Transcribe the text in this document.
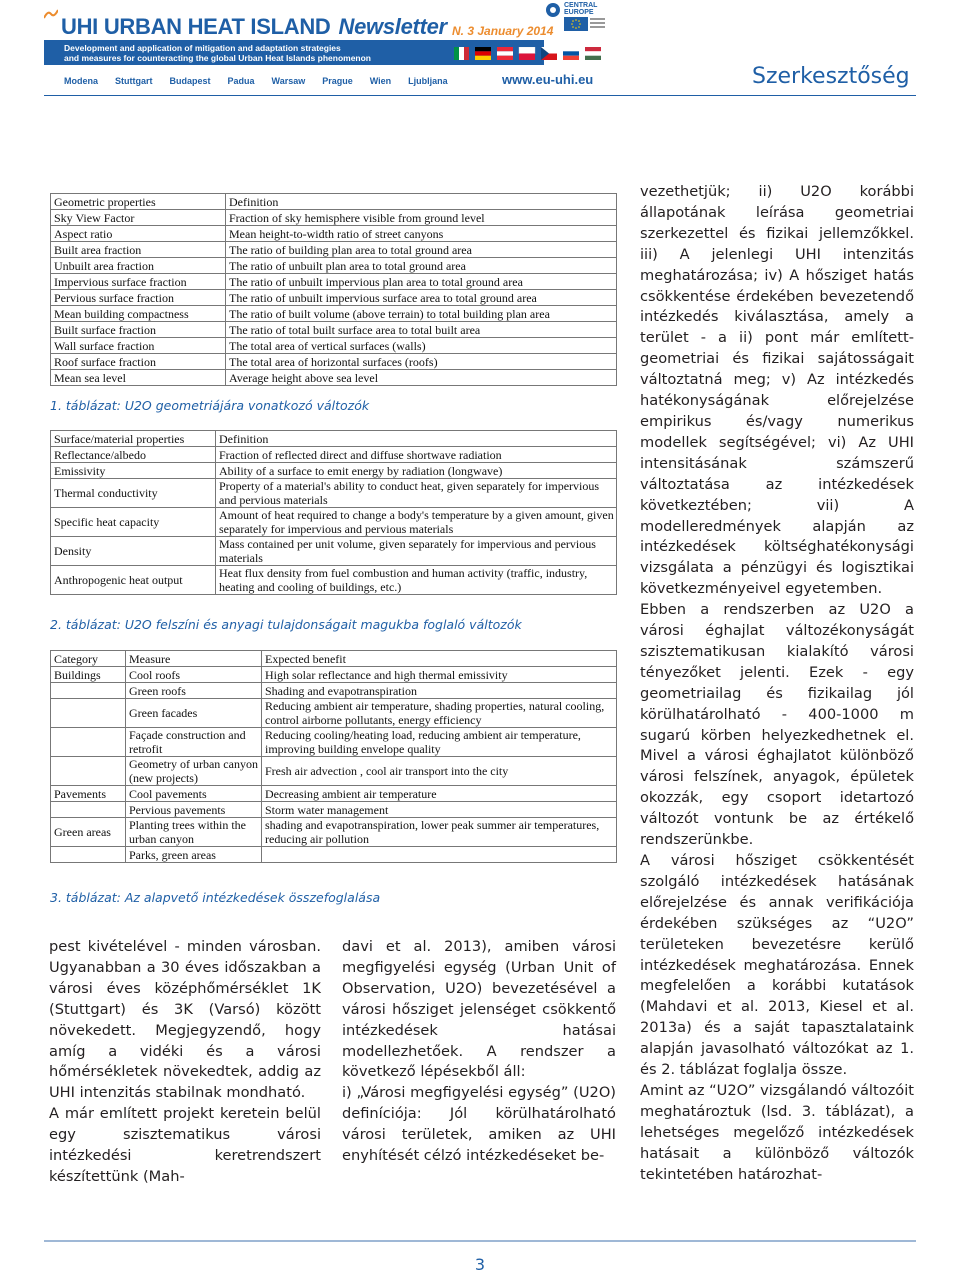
UHI URBAN HEAT ISLAND Newsletter N. 3 January 2014
Development and application of mitigation and adaptation strategies
and measures for counteracting the global Urban Heat Islands phenomenon
CENTRAL
EUROPE
Modena Stuttgart Budapest Padua Warsaw Prague Wien Ljubljana	www.eu-uhi.eu	Szerkesztőség
Geometric properties	Definition
Sky View Factor	Fraction of sky hemisphere visible from ground level
Aspect ratio	Mean height-to-width ratio of street canyons
Built area fraction	The ratio of building plan area to total ground area
Unbuilt area fraction	The ratio of unbuilt plan area to total ground area
Impervious surface fraction	The ratio of unbuilt impervious plan area to total ground area
Pervious surface fraction	The ratio of unbuilt impervious surface area to total ground area
Mean building compactness	The ratio of built volume (above terrain) to total building plan area
Built surface fraction	The ratio of total built surface area to total built area
Wall surface fraction	The total area of vertical surfaces (walls)
Roof surface fraction	The total area of horizontal surfaces (roofs)
Mean sea level	Average height above sea level
1. táblázat: U2O geometriájára vonatkozó változók
Surface/material properties	Definition
Reflectance/albedo	Fraction of reflected direct and diffuse shortwave radiation
Emissivity	Ability of a surface to emit energy by radiation (longwave)
Thermal conductivity	Property of a material's ability to conduct heat, given separately for impervious and pervious materials
Specific heat capacity	Amount of heat required to change a body's temperature by a given amount, given separately for impervious and pervious materials
Density	Mass contained per unit volume, given separately for impervious and pervious materials
Anthropogenic heat output	Heat flux density from fuel combustion and human activity (traffic, industry, heating and cooling of buildings, etc.)
2. táblázat: U2O felszíni és anyagi tulajdonságait magukba foglaló változók
Category	Measure	Expected benefit
Buildings	Cool roofs	High solar reflectance and high thermal emissivity
	Green roofs	Shading and evapotranspiration
	Green facades	Reducing ambient air temperature, shading properties, natural cooling, control airborne pollutants, energy efficiency
	Façade construction and retrofit	Reducing cooling/heating load, reducing ambient air temperature, improving building envelope quality
	Geometry of urban canyon (new projects)	Fresh air advection , cool air transport into the city
Pavements	Cool pavements	Decreasing ambient air temperature
	Pervious pavements	Storm water management
Green areas	Planting trees within the urban canyon	shading and evapotranspiration, lower peak summer air temperatures, reducing air pollution
	Parks, green areas	
3. táblázat: Az alapvető intézkedések összefoglalása

pest kivételével - minden városban. Ugyanabban a 30 éves időszakban a városi éves középhőmérséklet 1K (Stuttgart) és 3K (Varsó) között növekedett. Megjegyzendő, hogy amíg a vidéki és a városi hőmérsékletek növekedtek, addig az UHI intenzitás stabilnak mondható.

A már említett projekt keretein belül egy szisztematikus városi intézkedési keretrendszert készítettünk (Mah-

davi et al. 2013), amiben városi megfigyelési egység (Urban Unit of Observation, U2O) bevezetésével a városi hősziget jelenséget csökkentő intézkedések hatásai modellezhetőek. A rendszer a következő lépésekből áll:

i) „Városi megfigyelési egység” (U2O) definíciója: Jól körülhatárolható városi területek, amiken az UHI enyhítését célzó intézkedéseket be-

vezethetjük; ii) U2O korábbi állapotának leírása geometriai szerkezettel és fizikai jellemzőkkel. iii) A jelenlegi UHI intenzitás meghatározása; iv) A hősziget hatás csökkentése érdekében bevezetendő intézkedés kiválasztása, amely a terület - a ii) pont már említett- geometriai és fizikai sajátosságait változtatná meg; v) Az intézkedés hatékonyságának előrejelzése empirikus és/vagy numerikus modellek segítségével; vi) Az UHI intensitásának számszerű változtatása az intézkedések következtében; vii) A modelleredmények alapján az intézkedések költséghatékonysági vizsgálata a pénzügyi és logisztikai következményeivel egyetemben.

Ebben a rendszerben az U2O a városi éghajlat változékonyságát szisztematikusan kialakító városi tényezőket jelenti. Ezek - egy geometriailag és fizikailag jól körülhatárolható - 400-1000 m sugarú körben helyezkedhetnek el. Mivel a városi éghajlatot különböző városi felszínek, anyagok, épületek okozzák, egy csoport idetartozó változót vontunk be az értékelő rendszerünkbe.

A városi hősziget csökkentését szolgáló intézkedések hatásának előrejelzése és annak verifikációja érdekében szükséges az “U2O” területeken bevezetésre kerülő intézkedések meghatározása. Ennek megfelelően a korábbi kutatások (Mahdavi et al. 2013, Kiesel et al. 2013a) és a saját tapasztalataink alapján javasolható változókat az 1. és 2. táblázat foglalja össze.

Amint az “U2O” vizsgálandó változóit meghatároztuk (lsd. 3. táblázat), a lehetséges megelőző intézkedések hatásait a különböző változók tekintetében határozhat-

3
